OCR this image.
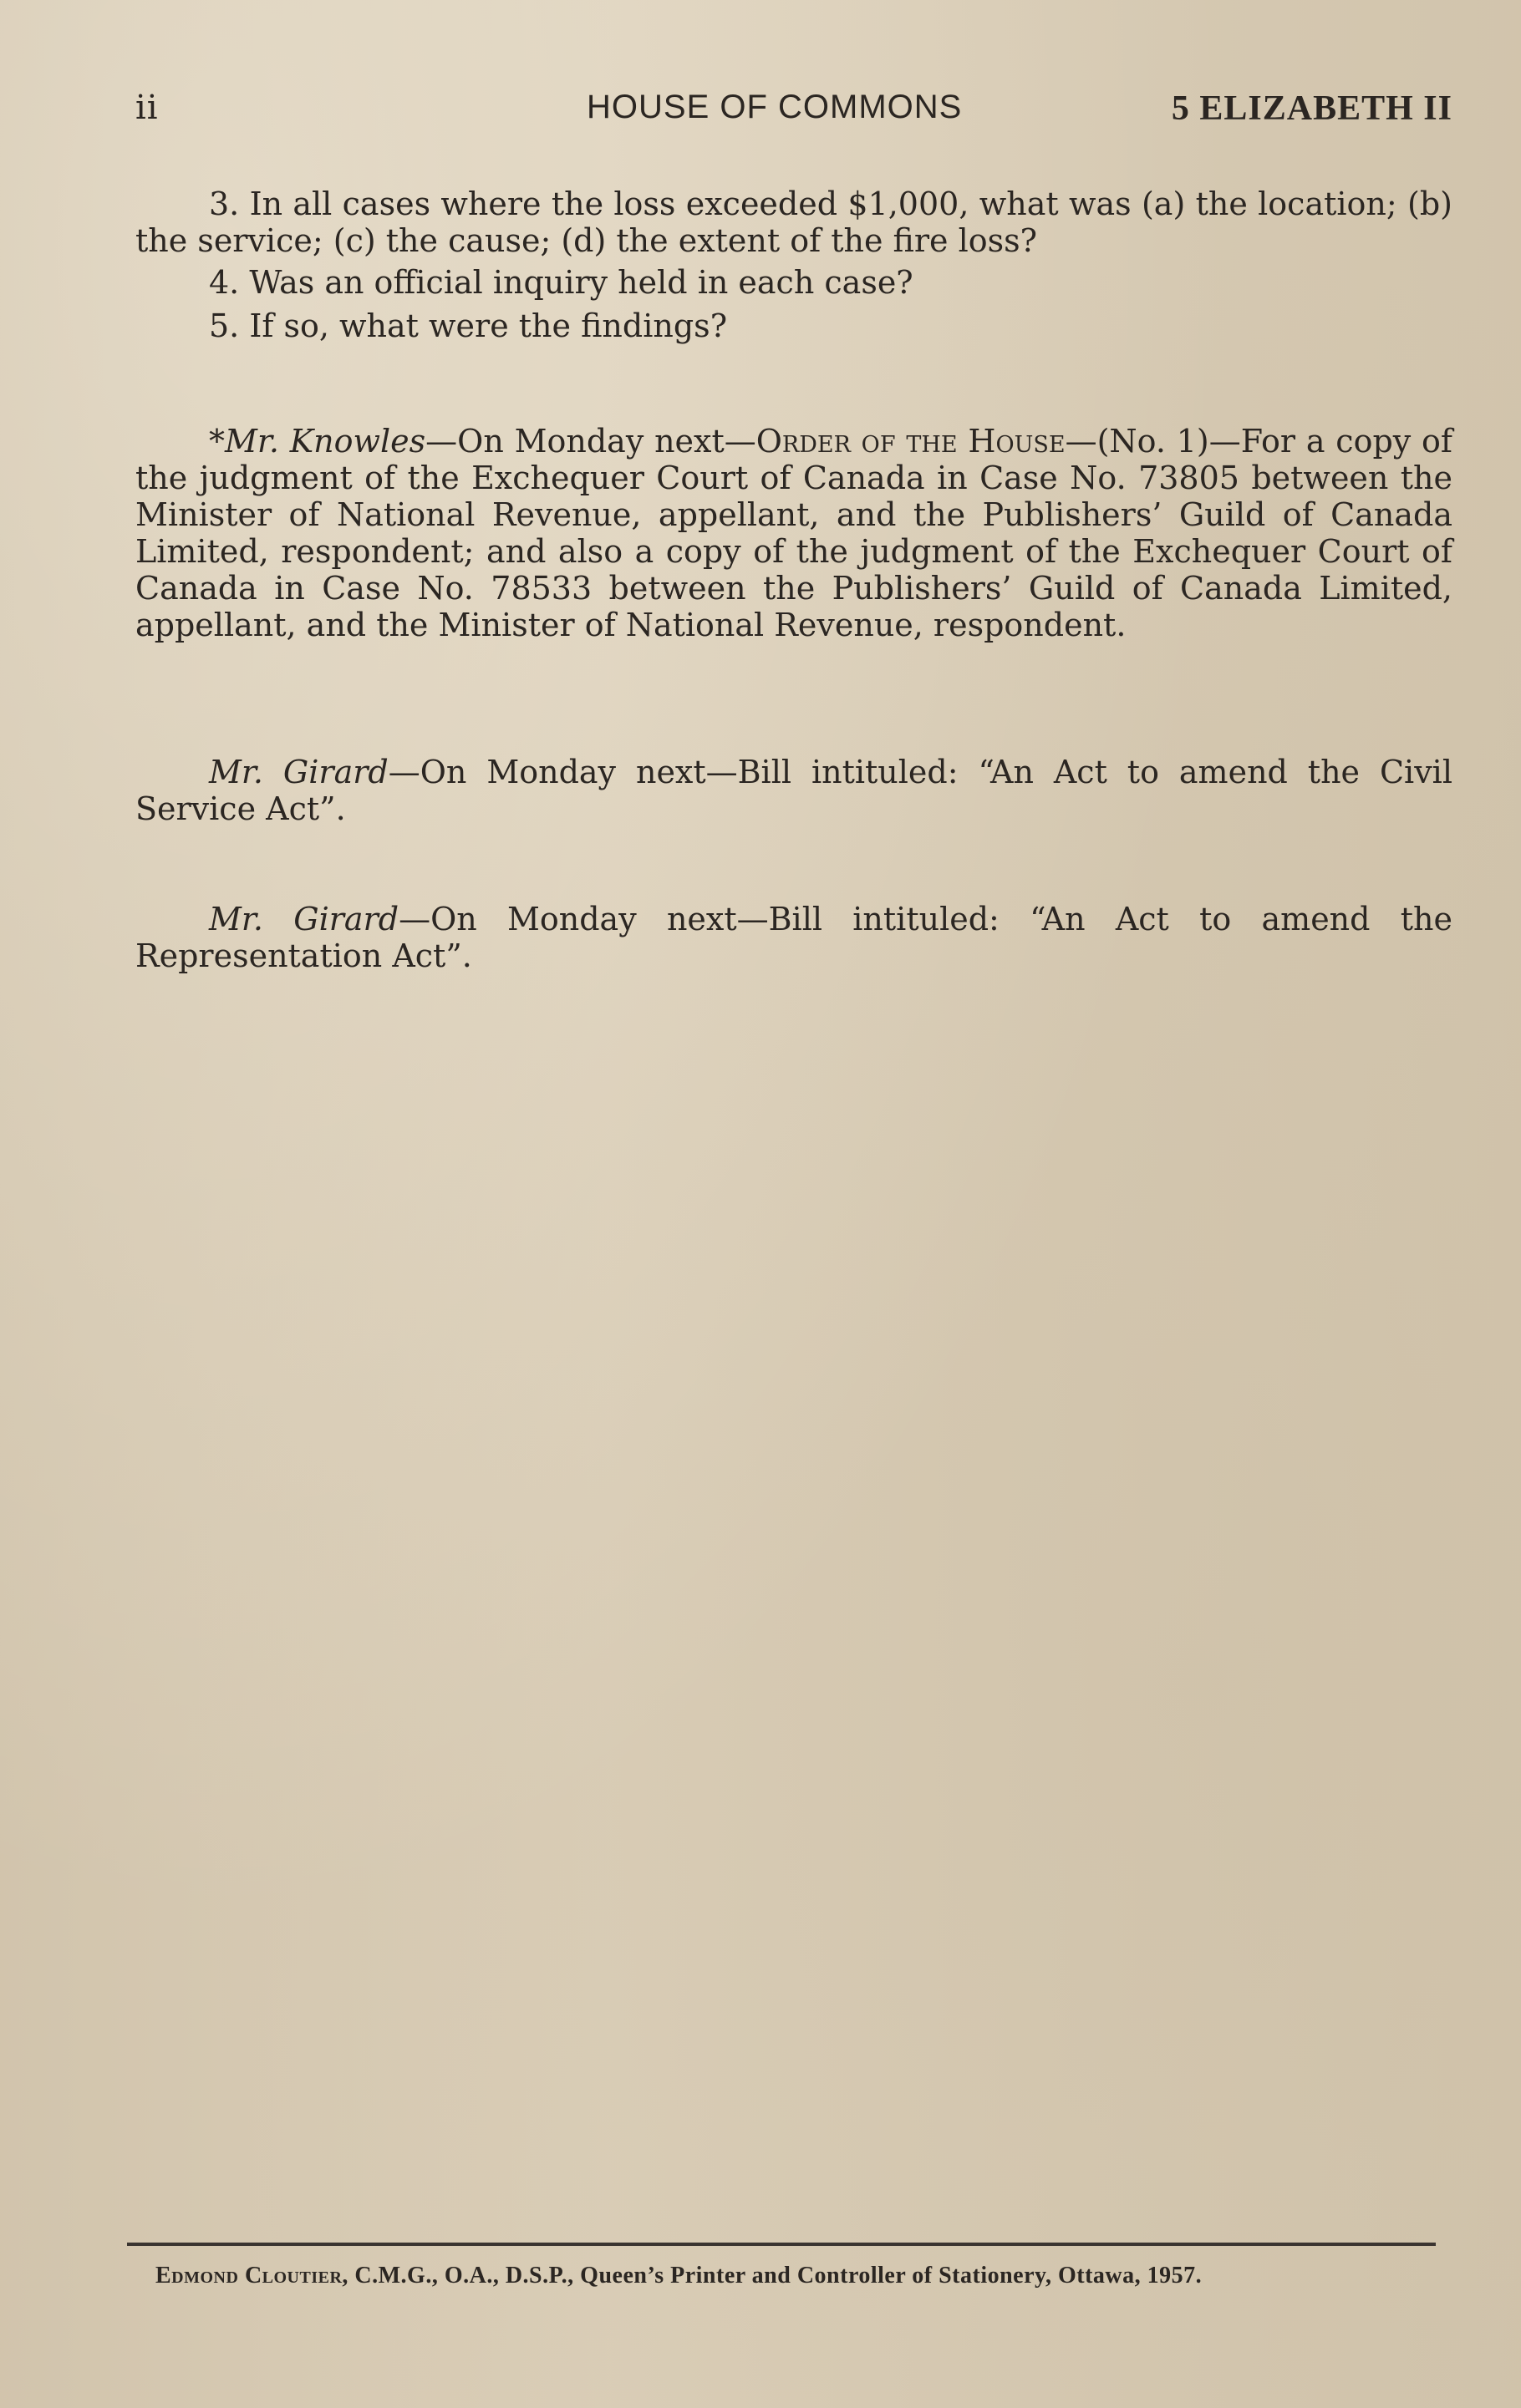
ii	HOUSE OF COMMONS	5 ELIZABETH II

3. In all cases where the loss exceeded $1,000, what was (a) the location; (b) the service; (c) the cause; (d) the extent of the fire loss?

4. Was an official inquiry held in each case?

5. If so, what were the findings?

*Mr. Knowles—On Monday next—Order of the House—(No. 1)—For a copy of the judgment of the Exchequer Court of Canada in Case No. 73805 between the Minister of National Revenue, appellant, and the Publishers’ Guild of Canada Limited, respondent; and also a copy of the judgment of the Exchequer Court of Canada in Case No. 78533 between the Publishers’ Guild of Canada Limited, appellant, and the Minister of National Revenue, respondent.

Mr. Girard—On Monday next—Bill intituled: “An Act to amend the Civil Service Act”.

Mr. Girard—On Monday next—Bill intituled: “An Act to amend the Representation Act”.

Edmond Cloutier, C.M.G., O.A., D.S.P., Queen’s Printer and Controller of Stationery, Ottawa, 1957.
